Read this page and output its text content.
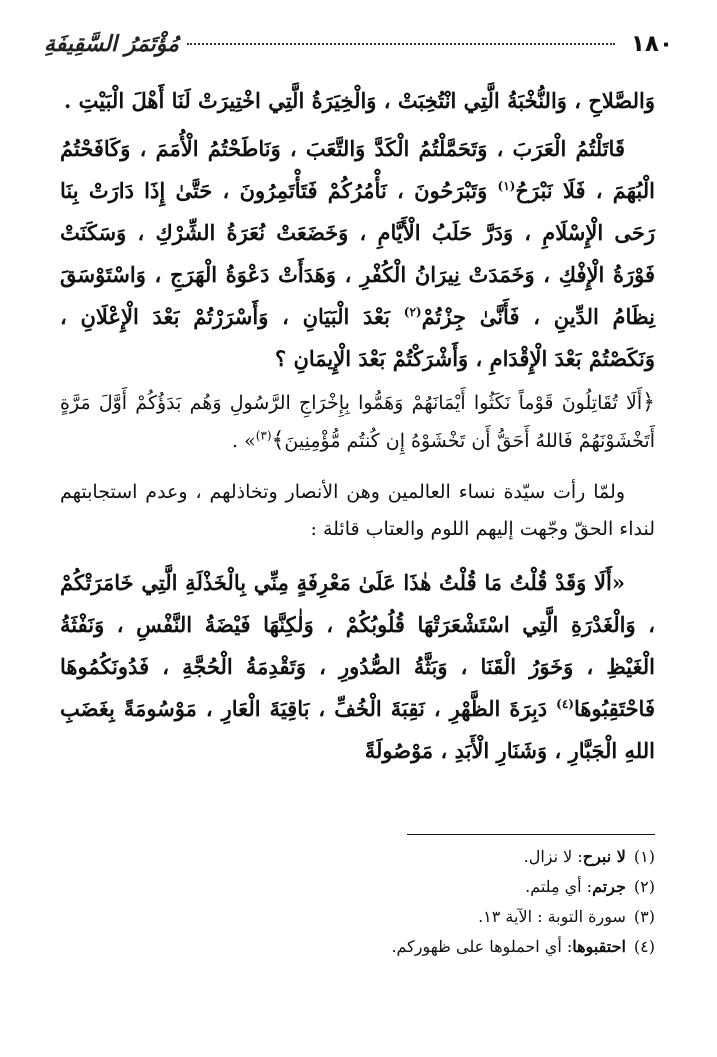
١٨٠
مُؤْتَمَرُ السَّقِيفَةِ

وَالصَّلاحِ ، وَالنُّخْبَةُ الَّتِي انْتُخِبَتْ ، وَالْخِيَرَةُ الَّتِي اخْتِيرَتْ لَنَا أَهْلَ الْبَيْتِ .

قَاتَلْتُمُ الْعَرَبَ ، وَتَحَمَّلْتُمُ الْكَدَّ وَالتَّعَبَ ، وَنَاطَحْتُمُ الْأُمَمَ ، وَكَافَحْتُمُ الْبُهَمَ ، فَلَا نَبْرَحُ$^{(١)}$ وَتَبْرَحُونَ ، نَأْمُرُكُمْ فَتَأْتَمِرُونَ ، حَتَّىٰ إِذَا دَارَتْ بِنَا رَحَى الْإِسْلَامِ ، وَدَرَّ حَلَبُ الْأَيَّامِ ، وَخَضَعَتْ نُعَرَةُ الشِّرْكِ ، وَسَكَنَتْ فَوْرَةُ الْإِفْكِ ، وَخَمَدَتْ نِيرَانُ الْكُفْرِ ، وَهَدَأَتْ دَعْوَةُ الْهَرَجِ ، وَاسْتَوْسَقَ نِظَامُ الدِّينِ ، فَأَنَّىٰ جِزْتُمْ$^{(٢)}$ بَعْدَ الْبَيَانِ ، وَأَسْرَرْتُمْ بَعْدَ الْإِعْلَانِ ، وَنَكَصْتُمْ بَعْدَ الْإِقْدَامِ ، وَأَشْرَكْتُمْ بَعْدَ الْإِيمَانِ ؟

﴿أَلَا تُقَاتِلُونَ قَوْماً نَكَثُوا أَيْمَانَهُمْ وَهَمُّوا بِإِخْرَاجِ الرَّسُولِ وَهُم بَدَؤُكُمْ أَوَّلَ مَرَّةٍ أَتَخْشَوْنَهُمْ فَاللهُ أَحَقُّ أَن تَخْشَوْهُ إِن كُنتُم مُّؤْمِنِينَ﴾$^{(٣)}$» .

ولمّا رأت سيّدة نساء العالمين وهن الأنصار وتخاذلهم ، وعدم استجابتهم لنداء الحقّ وجّهت إليهم اللوم والعتاب قائلة :

«أَلَا وَقَدْ قُلْتُ مَا قُلْتُ هٰذَا عَلَىٰ مَعْرِفَةٍ مِنِّي بِالْخَذْلَةِ الَّتِي خَامَرَتْكُمْ ، وَالْغَدْرَةِ الَّتِي اسْتَشْعَرَتْهَا قُلُوبُكُمْ ، وَلٰكِنَّهَا فَيْضَةُ النَّفْسِ ، وَنَفْثَةُ الْغَيْظِ ، وَخَوَرُ الْقَنَا ، وَبَثَّةُ الصُّدُورِ ، وَتَقْدِمَةُ الْحُجَّةِ ، فَدُونَكُمُوهَا فَاحْتَقِبُوهَا$^{(٤)}$ دَبِرَةَ الظَّهْرِ ، نَقِبَةَ الْخُفِّ ، بَاقِيَةَ الْعَارِ ، مَوْسُومَةً بِغَضَبِ اللهِ الْجَبَّارِ ، وَشَنَارِ الْأَبَدِ ، مَوْصُولَةً

(١)لا نبرح: لا نزال.

(٢)جرتم: أي مِلتم.

(٣)سورة التوبة : الآية ١٣.

(٤)احتقبوها: أي احملوها على ظهوركم.
